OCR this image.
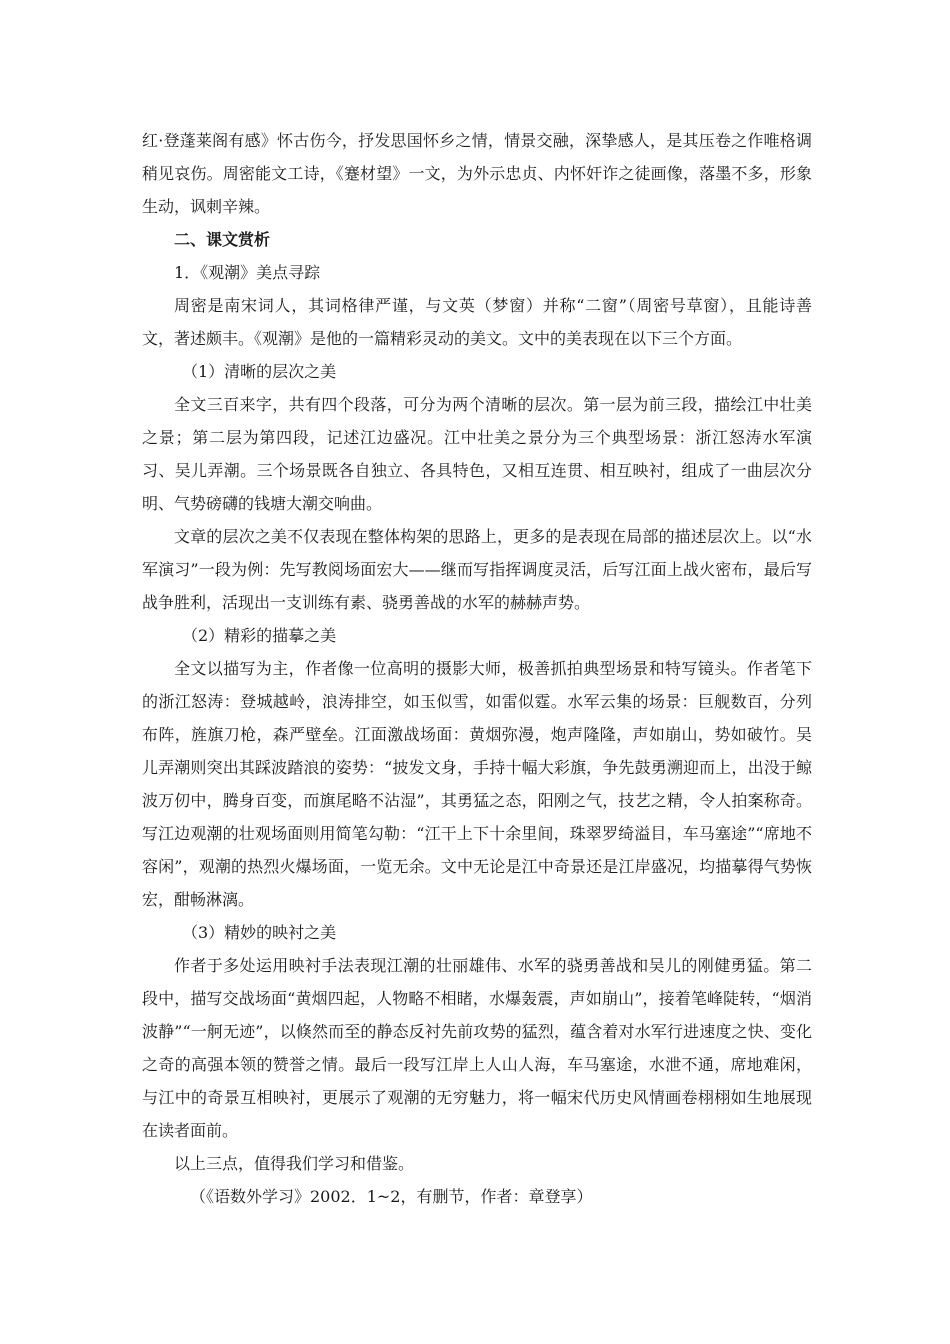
红·登蓬莱阁有感》怀古伤今，抒发思国怀乡之情，情景交融，深挚感人，是其压卷之作唯格调稍见哀伤。周密能文工诗，《蹇材望》一文，为外示忠贞、内怀奸诈之徒画像，落墨不多，形象生动，讽刺辛辣。

二、课文赏析

1．《观潮》美点寻踪

周密是南宋词人，其词格律严谨，与文英（梦窗）并称“二窗”（周密号草窗），且能诗善文，著述颇丰。《观潮》是他的一篇精彩灵动的美文。文中的美表现在以下三个方面。

（1）清晰的层次之美

全文三百来字，共有四个段落，可分为两个清晰的层次。第一层为前三段，描绘江中壮美之景；第二层为第四段，记述江边盛况。江中壮美之景分为三个典型场景：浙江怒涛水军演习、吴儿弄潮。三个场景既各自独立、各具特色，又相互连贯、相互映衬，组成了一曲层次分明、气势磅礴的钱塘大潮交响曲。

文章的层次之美不仅表现在整体构架的思路上，更多的是表现在局部的描述层次上。以“水军演习”一段为例：先写教阅场面宏大——继而写指挥调度灵活，后写江面上战火密布，最后写战争胜利，活现出一支训练有素、骁勇善战的水军的赫赫声势。

（2）精彩的描摹之美

全文以描写为主，作者像一位高明的摄影大师，极善抓拍典型场景和特写镜头。作者笔下的浙江怒涛：登城越岭，浪涛排空，如玉似雪，如雷似霆。水军云集的场景：巨舰数百，分列布阵，旌旗刀枪，森严壁垒。江面激战场面：黄烟弥漫，炮声隆隆，声如崩山，势如破竹。吴儿弄潮则突出其踩波踏浪的姿势：“披发文身，手持十幅大彩旗，争先鼓勇溯迎而上，出没于鲸波万仞中，腾身百变，而旗尾略不沾湿”，其勇猛之态，阳刚之气，技艺之精，令人拍案称奇。写江边观潮的壮观场面则用简笔勾勒：“江干上下十余里间，珠翠罗绮溢目，车马塞途”“席地不容闲”，观潮的热烈火爆场面，一览无余。文中无论是江中奇景还是江岸盛况，均描摹得气势恢宏，酣畅淋漓。

（3）精妙的映衬之美

作者于多处运用映衬手法表现江潮的壮丽雄伟、水军的骁勇善战和吴儿的刚健勇猛。第二段中，描写交战场面“黄烟四起，人物略不相睹，水爆轰震，声如崩山”，接着笔峰陡转，“烟消波静”“一舸无迹”，以倏然而至的静态反衬先前攻势的猛烈，蕴含着对水军行进速度之快、变化之奇的高强本领的赞誉之情。最后一段写江岸上人山人海，车马塞途，水泄不通，席地难闲，与江中的奇景互相映衬，更展示了观潮的无穷魅力，将一幅宋代历史风情画卷栩栩如生地展现在读者面前。

以上三点，值得我们学习和借鉴。

（《语数外学习》2002．1~2，有删节，作者：章登享）
